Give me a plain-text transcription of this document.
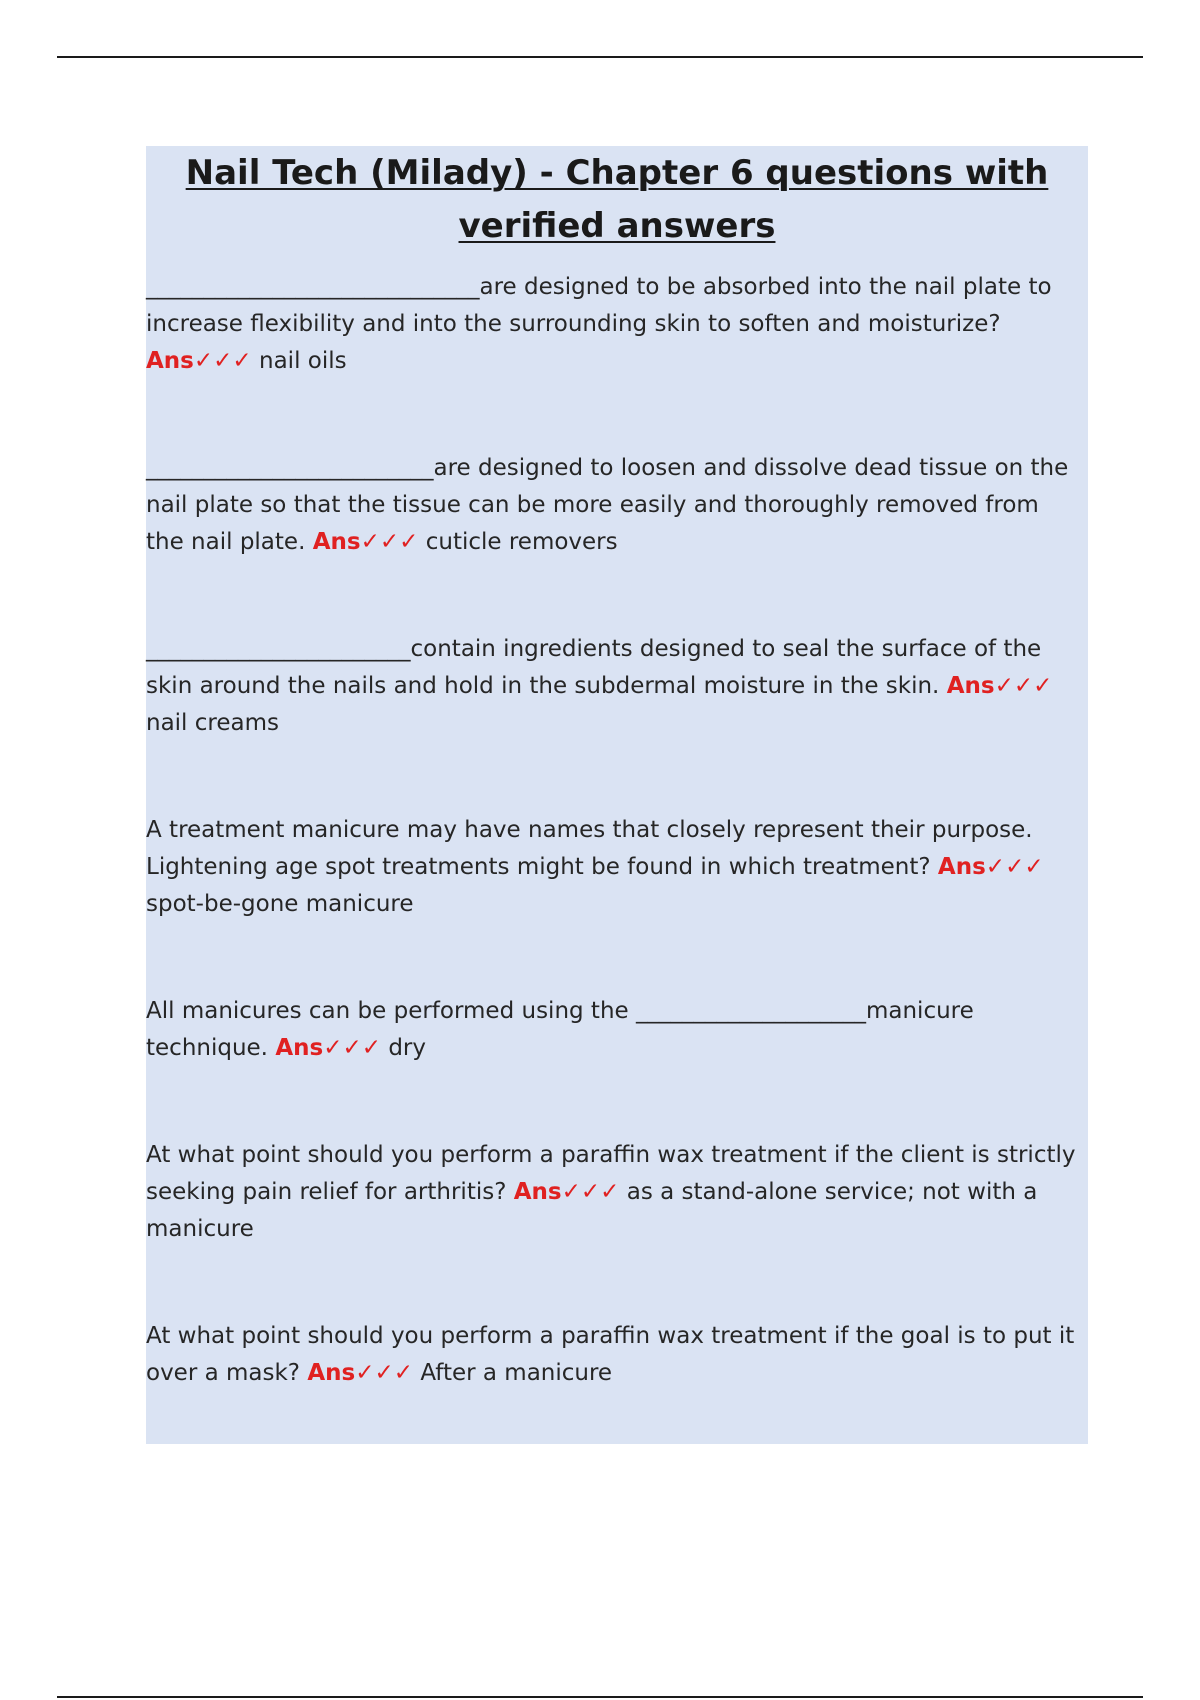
Nail Tech (Milady) - Chapter 6 questions with verified answers

_____________________________are designed to be absorbed into the nail plate to increase flexibility and into the surrounding skin to soften and moisturize? Ans✓✓✓ nail oils

_________________________are designed to loosen and dissolve dead tissue on the nail plate so that the tissue can be more easily and thoroughly removed from the nail plate. Ans✓✓✓ cuticle removers

_______________________contain ingredients designed to seal the surface of the skin around the nails and hold in the subdermal moisture in the skin. Ans✓✓✓ nail creams

A treatment manicure may have names that closely represent their purpose. Lightening age spot treatments might be found in which treatment? Ans✓✓✓ spot-be-gone manicure

All manicures can be performed using the ____________________manicure technique. Ans✓✓✓ dry

At what point should you perform a paraffin wax treatment if the client is strictly seeking pain relief for arthritis? Ans✓✓✓ as a stand-alone service; not with a manicure

At what point should you perform a paraffin wax treatment if the goal is to put it over a mask? Ans✓✓✓ After a manicure
